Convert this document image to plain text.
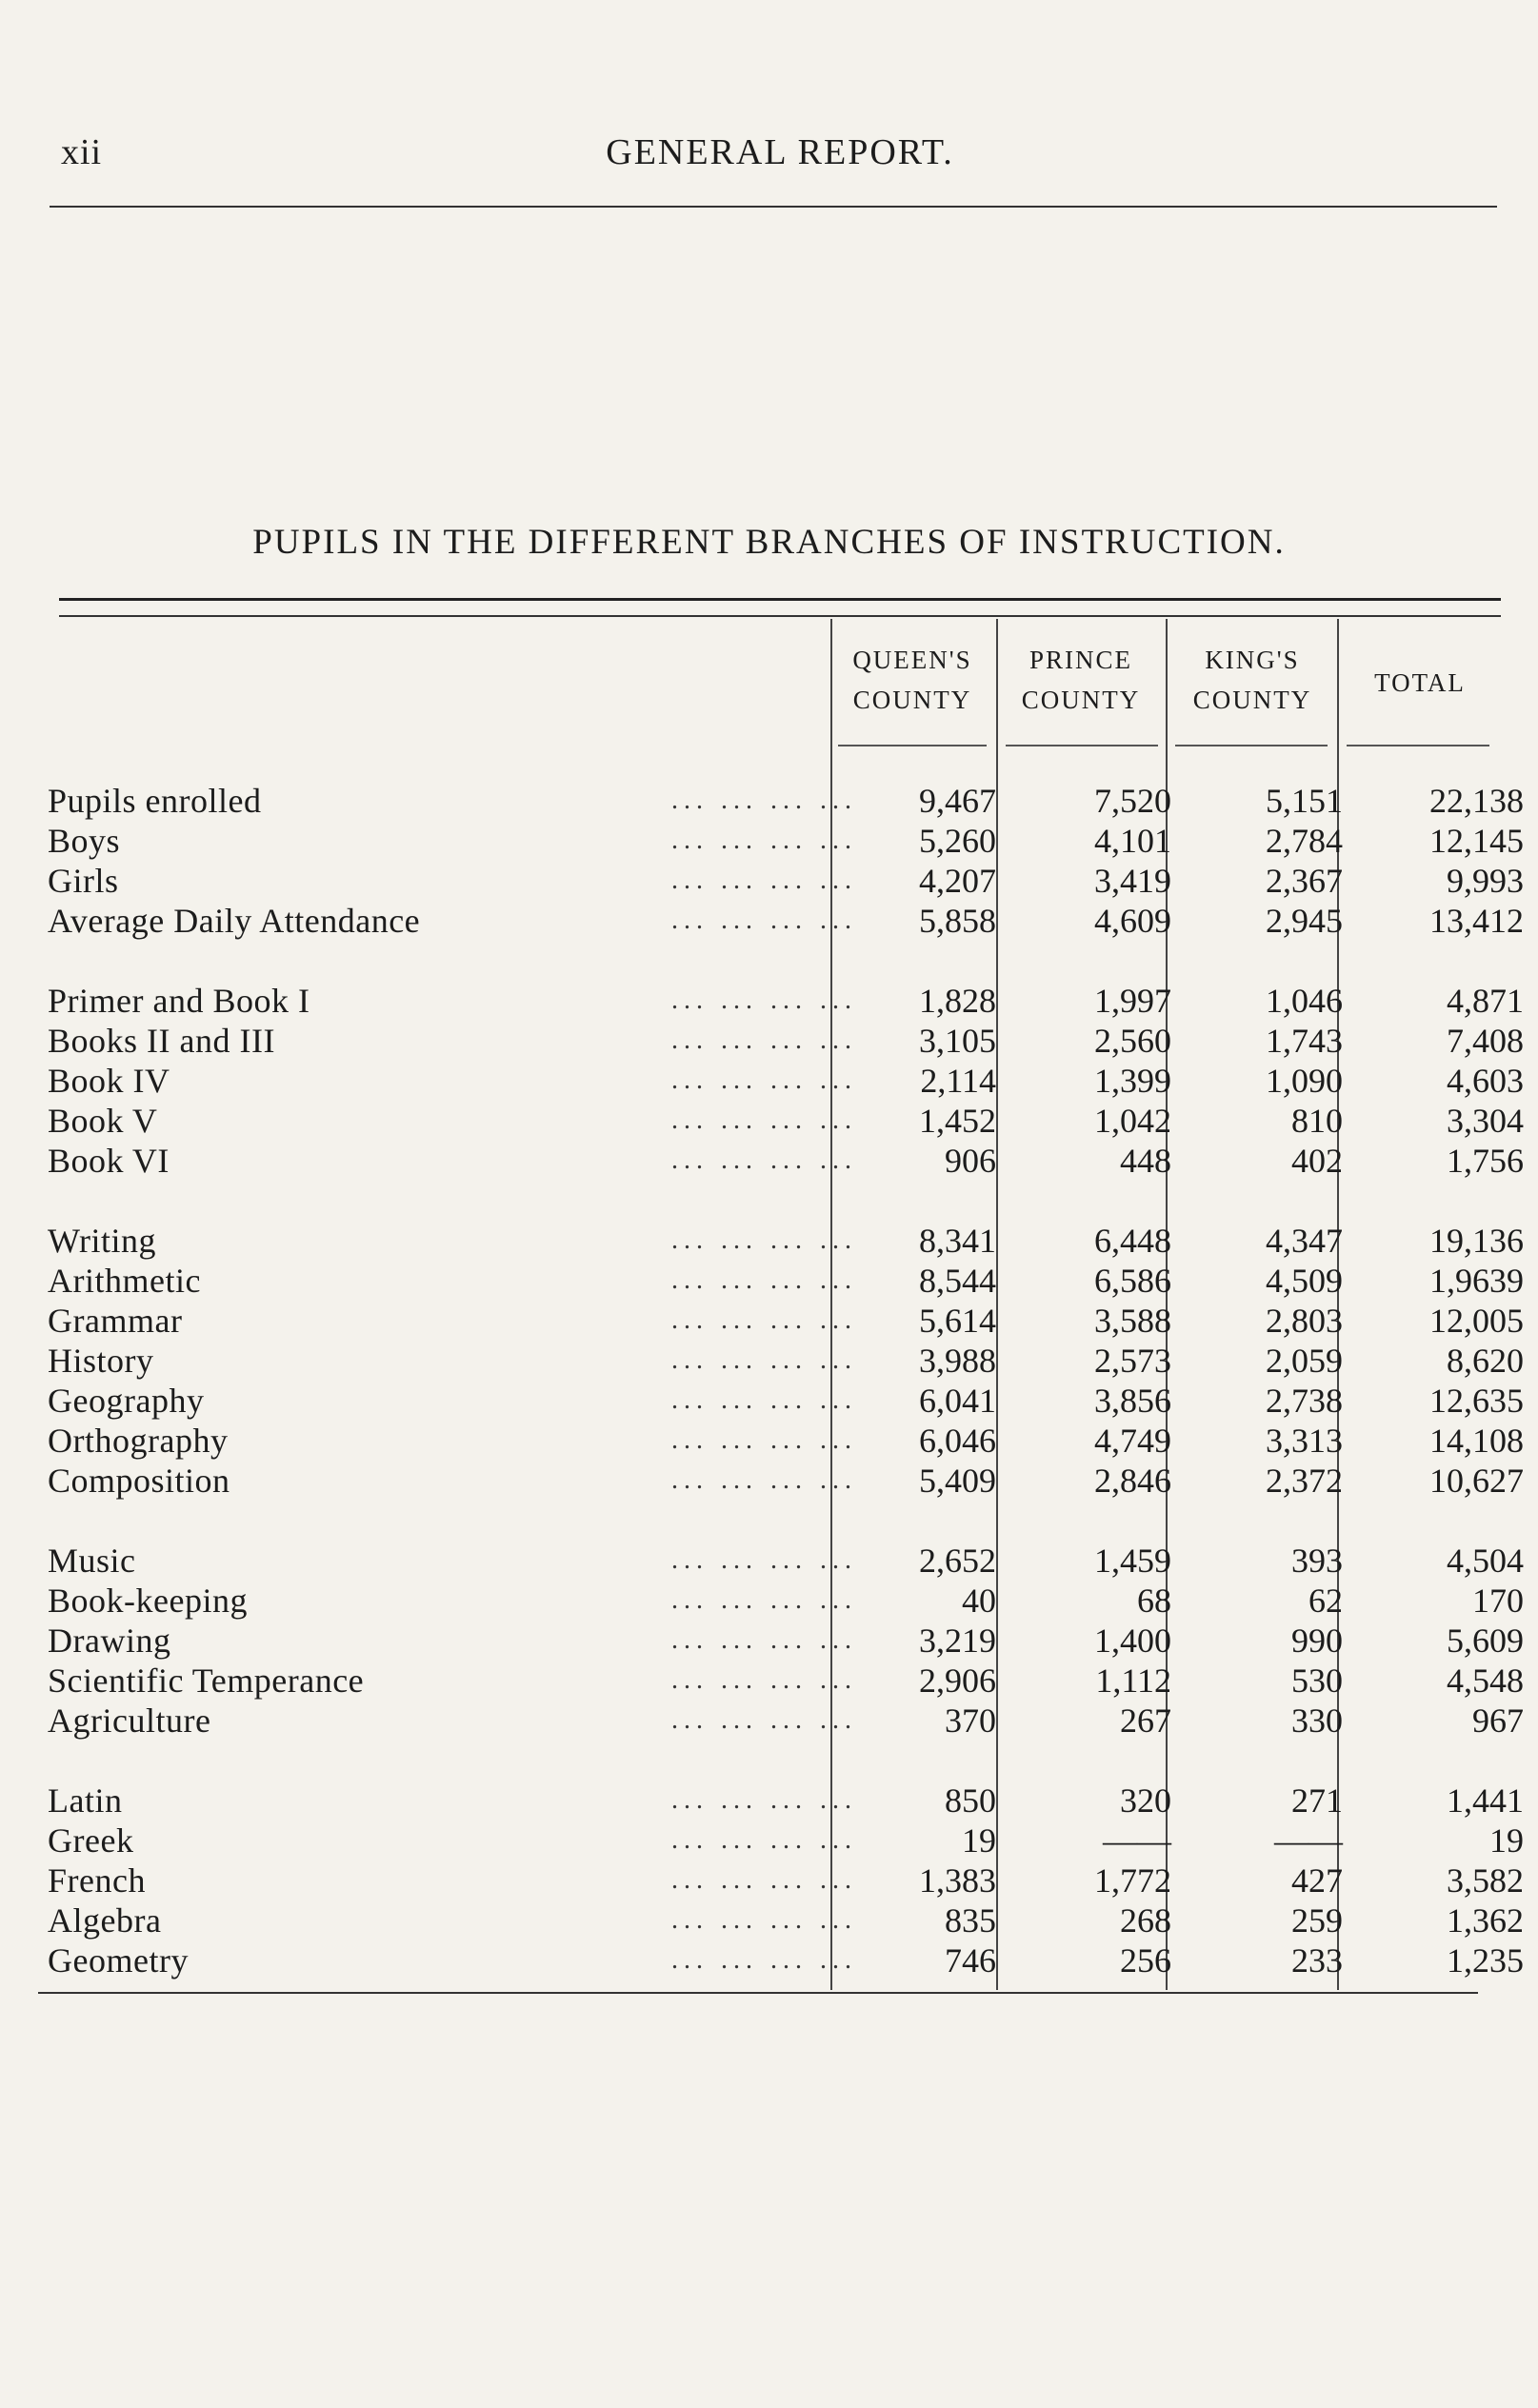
xii	GENERAL REPORT.
PUPILS IN THE DIFFERENT BRANCHES OF INSTRUCTION.
QUEEN'S
COUNTY
PRINCE
COUNTY
KING'S
COUNTY
TOTAL
Pupils enrolled	... ... ... ...	9,467	7,520	5,151	22,138
Boys	... ... ... ...	5,260	4,101	2,784	12,145
Girls	... ... ... ...	4,207	3,419	2,367	9,993
Average Daily Attendance	... ... ... ...	5,858	4,609	2,945	13,412
Primer and Book I	... ... ... ...	1,828	1,997	1,046	4,871
Books II and III	... ... ... ...	3,105	2,560	1,743	7,408
Book IV	... ... ... ...	2,114	1,399	1,090	4,603
Book V	... ... ... ...	1,452	1,042	810	3,304
Book VI	... ... ... ...	906	448	402	1,756
Writing	... ... ... ...	8,341	6,448	4,347	19,136
Arithmetic	... ... ... ...	8,544	6,586	4,509	1,9639
Grammar	... ... ... ...	5,614	3,588	2,803	12,005
History	... ... ... ...	3,988	2,573	2,059	8,620
Geography	... ... ... ...	6,041	3,856	2,738	12,635
Orthography	... ... ... ...	6,046	4,749	3,313	14,108
Composition	... ... ... ...	5,409	2,846	2,372	10,627
Music	... ... ... ...	2,652	1,459	393	4,504
Book-keeping	... ... ... ...	40	68	62	170
Drawing	... ... ... ...	3,219	1,400	990	5,609
Scientific Temperance	... ... ... ...	2,906	1,112	530	4,548
Agriculture	... ... ... ...	370	267	330	967
Latin	... ... ... ...	850	320	271	1,441
Greek	... ... ... ...	19	——	——	19
French	... ... ... ...	1,383	1,772	427	3,582
Algebra	... ... ... ...	835	268	259	1,362
Geometry	... ... ... ...	746	256	233	1,235
